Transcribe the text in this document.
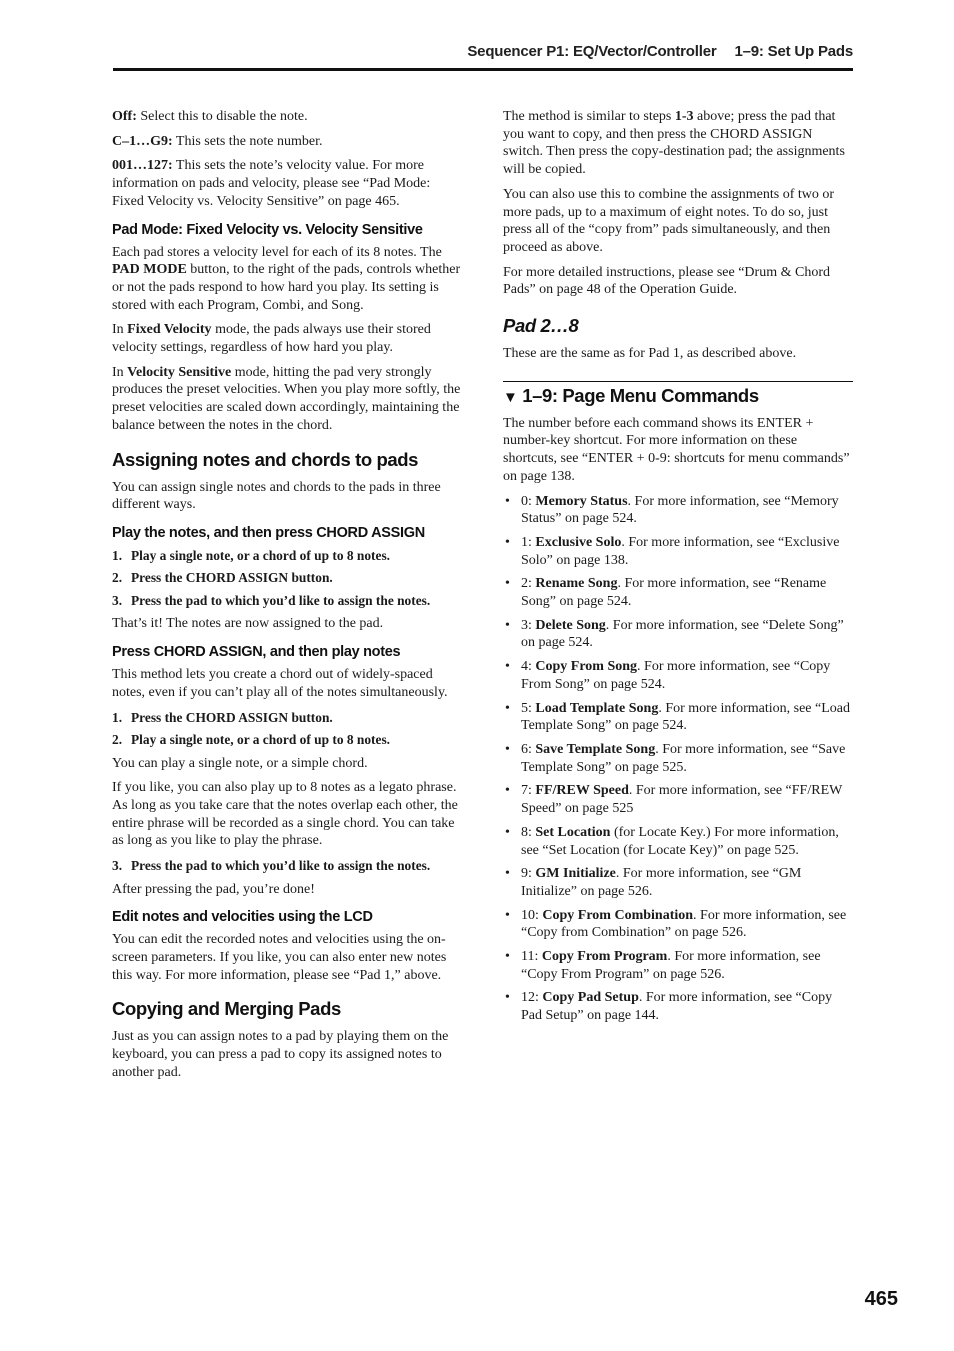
Sequencer P1: EQ/Vector/Controller 1–9: Set Up Pads

Off: Select this to disable the note.

C–1…G9: This sets the note number.

001…127: This sets the note’s velocity value. For more information on pads and velocity, please see “Pad Mode: Fixed Velocity vs. Velocity Sensitive” on page 465.

Pad Mode: Fixed Velocity vs. Velocity Sensitive

Each pad stores a velocity level for each of its 8 notes. The PAD MODE button, to the right of the pads, controls whether or not the pads respond to how hard you play. Its setting is stored with each Program, Combi, and Song.

In Fixed Velocity mode, the pads always use their stored velocity settings, regardless of how hard you play.

In Velocity Sensitive mode, hitting the pad very strongly produces the preset velocities. When you play more softly, the preset velocities are scaled down accordingly, maintaining the balance between the notes in the chord.

Assigning notes and chords to pads

You can assign single notes and chords to the pads in three different ways.

Play the notes, and then press CHORD ASSIGN
1. Play a single note, or a chord of up to 8 notes.
2. Press the CHORD ASSIGN button.
3. Press the pad to which you’d like to assign the notes.

That’s it! The notes are now assigned to the pad.

Press CHORD ASSIGN, and then play notes

This method lets you create a chord out of widely-spaced notes, even if you can’t play all of the notes simultaneously.

1. Press the CHORD ASSIGN button.
2. Play a single note, or a chord of up to 8 notes.

You can play a single note, or a simple chord.

If you like, you can also play up to 8 notes as a legato phrase. As long as you take care that the notes overlap each other, the entire phrase will be recorded as a single chord. You can take as long as you like to play the phrase.

3. Press the pad to which you’d like to assign the notes.

After pressing the pad, you’re done!

Edit notes and velocities using the LCD

You can edit the recorded notes and velocities using the on-screen parameters. If you like, you can also enter new notes this way. For more information, please see “Pad 1,” above.

Copying and Merging Pads

Just as you can assign notes to a pad by playing them on the keyboard, you can press a pad to copy its assigned notes to another pad.

The method is similar to steps 1-3 above; press the pad that you want to copy, and then press the CHORD ASSIGN switch. Then press the copy-destination pad; the assignments will be copied.

You can also use this to combine the assignments of two or more pads, up to a maximum of eight notes. To do so, just press all of the “copy from” pads simultaneously, and then proceed as above.

For more detailed instructions, please see “Drum & Chord Pads” on page 48 of the Operation Guide.

Pad 2…8

These are the same as for Pad 1, as described above.

▼ 1–9: Page Menu Commands

The number before each command shows its ENTER + number-key shortcut. For more information on these shortcuts, see “ENTER + 0-9: shortcuts for menu commands” on page 138.

• 0: Memory Status. For more information, see “Memory Status” on page 524.
• 1: Exclusive Solo. For more information, see “Exclusive Solo” on page 138.
• 2: Rename Song. For more information, see “Rename Song” on page 524.
• 3: Delete Song. For more information, see “Delete Song” on page 524.
• 4: Copy From Song. For more information, see “Copy From Song” on page 524.
• 5: Load Template Song. For more information, see “Load Template Song” on page 524.
• 6: Save Template Song. For more information, see “Save Template Song” on page 525.
• 7: FF/REW Speed. For more information, see “FF/REW Speed” on page 525
• 8: Set Location (for Locate Key.) For more information, see “Set Location (for Locate Key)” on page 525.
• 9: GM Initialize. For more information, see “GM Initialize” on page 526.
• 10: Copy From Combination. For more information, see “Copy from Combination” on page 526.
• 11: Copy From Program. For more information, see “Copy From Program” on page 526.
• 12: Copy Pad Setup. For more information, see “Copy Pad Setup” on page 144.
465
